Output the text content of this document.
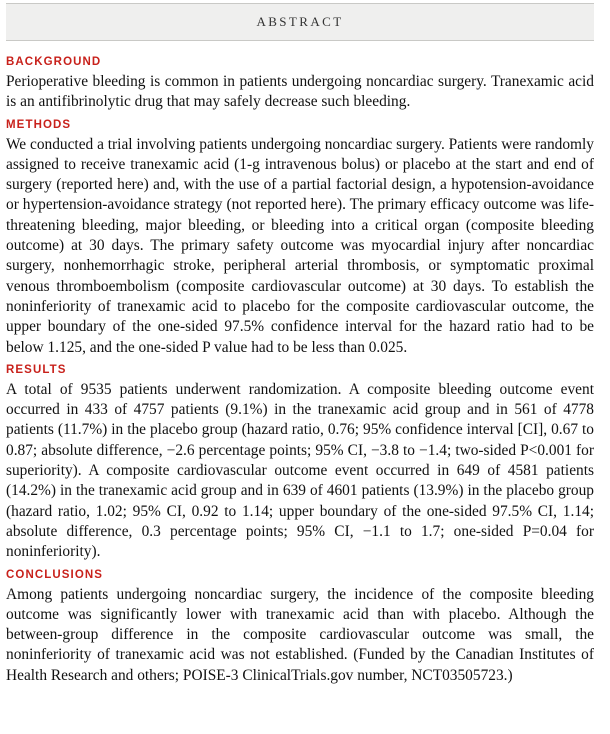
ABSTRACT
BACKGROUND
Perioperative bleeding is common in patients undergoing noncardiac surgery. Tranexamic acid is an antifibrinolytic drug that may safely decrease such bleeding.
METHODS
We conducted a trial involving patients undergoing noncardiac surgery. Patients were randomly assigned to receive tranexamic acid (1-g intravenous bolus) or placebo at the start and end of surgery (reported here) and, with the use of a partial factorial design, a hypotension-avoidance or hypertension-avoidance strategy (not reported here). The primary efficacy outcome was life-threatening bleeding, major bleeding, or bleeding into a critical organ (composite bleeding outcome) at 30 days. The primary safety outcome was myocardial injury after noncardiac surgery, nonhemorrhagic stroke, peripheral arterial thrombosis, or symptomatic proximal venous thromboembolism (composite cardiovascular outcome) at 30 days. To establish the noninferiority of tranexamic acid to placebo for the composite cardiovascular outcome, the upper boundary of the one-sided 97.5% confidence interval for the hazard ratio had to be below 1.125, and the one-sided P value had to be less than 0.025.
RESULTS
A total of 9535 patients underwent randomization. A composite bleeding outcome event occurred in 433 of 4757 patients (9.1%) in the tranexamic acid group and in 561 of 4778 patients (11.7%) in the placebo group (hazard ratio, 0.76; 95% confidence interval [CI], 0.67 to 0.87; absolute difference, −2.6 percentage points; 95% CI, −3.8 to −1.4; two-sided P<0.001 for superiority). A composite cardiovascular outcome event occurred in 649 of 4581 patients (14.2%) in the tranexamic acid group and in 639 of 4601 patients (13.9%) in the placebo group (hazard ratio, 1.02; 95% CI, 0.92 to 1.14; upper boundary of the one-sided 97.5% CI, 1.14; absolute difference, 0.3 percentage points; 95% CI, −1.1 to 1.7; one-sided P=0.04 for noninferiority).
CONCLUSIONS
Among patients undergoing noncardiac surgery, the incidence of the composite bleeding outcome was significantly lower with tranexamic acid than with placebo. Although the between-group difference in the composite cardiovascular outcome was small, the noninferiority of tranexamic acid was not established. (Funded by the Canadian Institutes of Health Research and others; POISE-3 ClinicalTrials.gov number, NCT03505723.)
